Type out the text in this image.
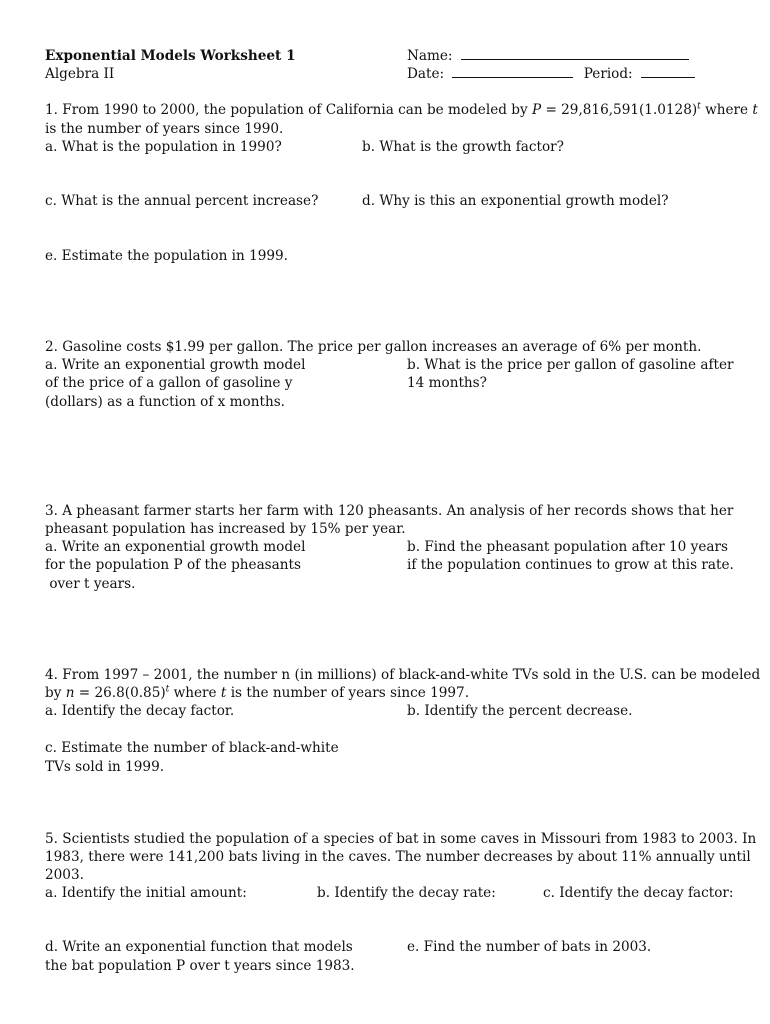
Exponential Models Worksheet 1
Algebra II
Name:
Date:	Period:
1. From 1990 to 2000, the population of California can be modeled by $P = 29,816,591(1.0128)^t$ where t
is the number of years since 1990.
a. What is the population in 1990?	b. What is the growth factor?
c. What is the annual percent increase?	d. Why is this an exponential growth model?
e. Estimate the population in 1999.
2. Gasoline costs $1.99 per gallon. The price per gallon increases an average of 6% per month.
a. Write an exponential growth model
of the price of a gallon of gasoline y
(dollars) as a function of x months.
b. What is the price per gallon of gasoline after
14 months?
3. A pheasant farmer starts her farm with 120 pheasants. An analysis of her records shows that her
pheasant population has increased by 15% per year.
a. Write an exponential growth model
for the population P of the pheasants
over t years.
b. Find the pheasant population after 10 years
if the population continues to grow at this rate.
4. From 1997 – 2001, the number n (in millions) of black-and-white TVs sold in the U.S. can be modeled
by $n = 26.8(0.85)^t$ where t is the number of years since 1997.
a. Identify the decay factor.	b. Identify the percent decrease.
c. Estimate the number of black-and-white
TVs sold in 1999.
5. Scientists studied the population of a species of bat in some caves in Missouri from 1983 to 2003. In
1983, there were 141,200 bats living in the caves. The number decreases by about 11% annually until
2003.
a. Identify the initial amount:	b. Identify the decay rate:	c. Identify the decay factor:
d. Write an exponential function that models
the bat population P over t years since 1983.
e. Find the number of bats in 2003.
